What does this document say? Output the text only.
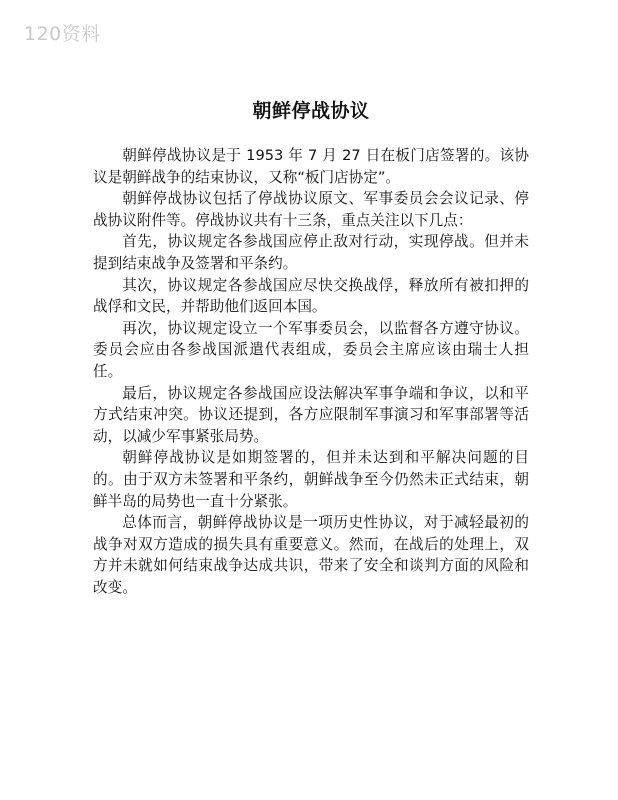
120资料
朝鲜停战协议

朝鲜停战协议是于 1953 年 7 月 27 日在板门店签署的。该协议是朝鲜战争的结束协议，又称“板门店协定”。

朝鲜停战协议包括了停战协议原文、军事委员会会议记录、停战协议附件等。停战协议共有十三条，重点关注以下几点：

首先，协议规定各参战国应停止敌对行动，实现停战。但并未提到结束战争及签署和平条约。

其次，协议规定各参战国应尽快交换战俘，释放所有被扣押的战俘和文民，并帮助他们返回本国。

再次，协议规定设立一个军事委员会，以监督各方遵守协议。委员会应由各参战国派遣代表组成，委员会主席应该由瑞士人担任。

最后，协议规定各参战国应设法解决军事争端和争议，以和平方式结束冲突。协议还提到，各方应限制军事演习和军事部署等活动，以减少军事紧张局势。

朝鲜停战协议是如期签署的，但并未达到和平解决问题的目的。由于双方未签署和平条约，朝鲜战争至今仍然未正式结束，朝鲜半岛的局势也一直十分紧张。

总体而言，朝鲜停战协议是一项历史性协议，对于减轻最初的战争对双方造成的损失具有重要意义。然而，在战后的处理上，双方并未就如何结束战争达成共识，带来了安全和谈判方面的风险和改变。
